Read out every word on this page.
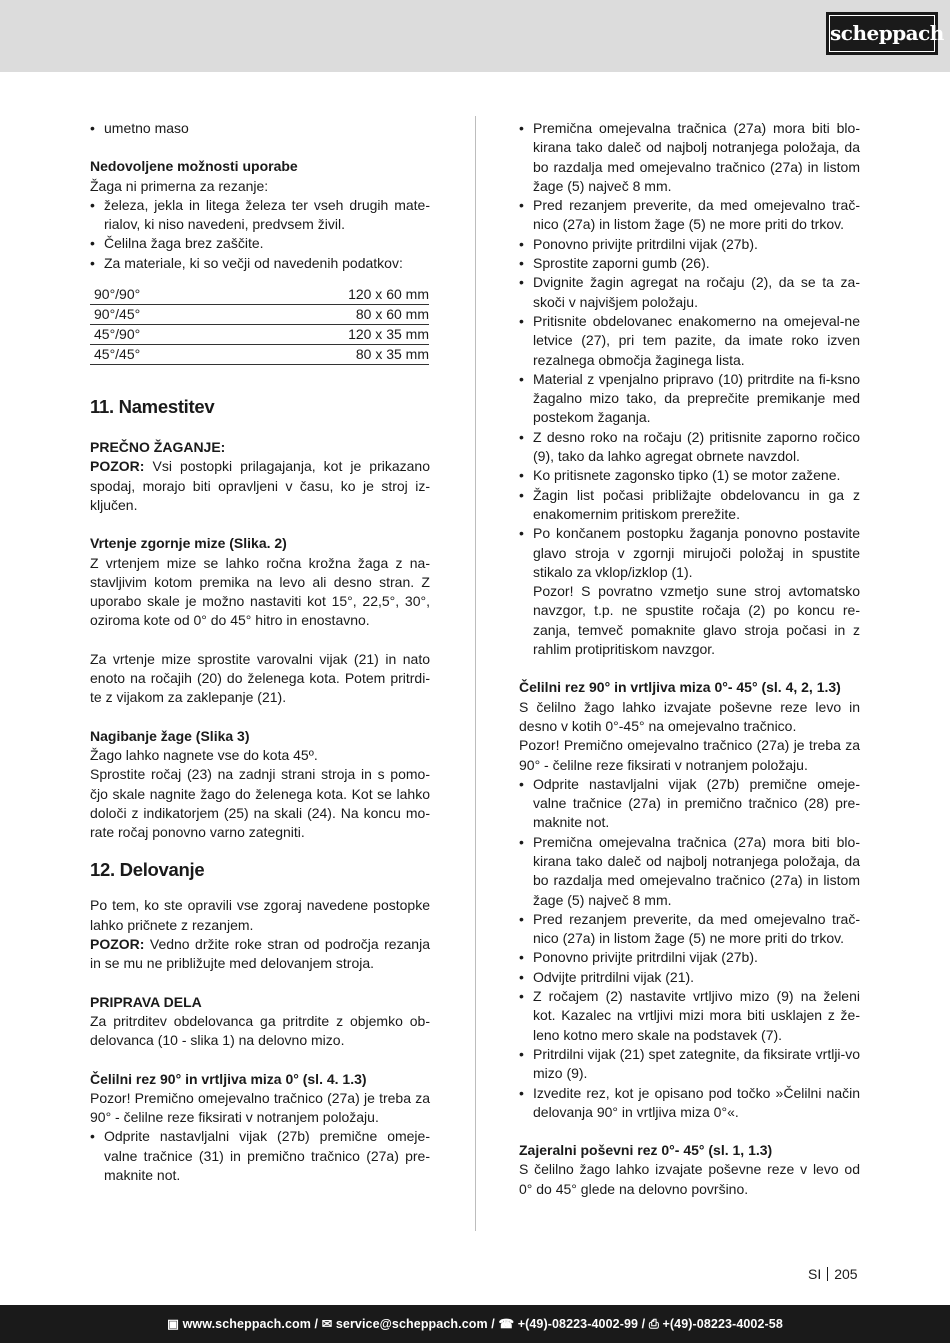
scheppach
• umetno maso

Nedovoljene možnosti uporabe

Žaga ni primerna za rezanje:

• železa, jekla in litega železa ter vseh drugih mate-rialov, ki niso navedeni, predvsem živil.
• Čelilna žaga brez zaščite.
• Za materiale, ki so večji od navedenih podatkov:
90°/90°	120 x 60 mm
90°/45°	80 x 60 mm
45°/90°	120 x 35 mm
45°/45°	80 x 35 mm
11. Namestitev

PREČNO ŽAGANJE:

POZOR: Vsi postopki prilagajanja, kot je prikazano spodaj, morajo biti opravljeni v času, ko je stroj iz-ključen.

Vrtenje zgornje mize (Slika. 2)

Z vrtenjem mize se lahko ročna krožna žaga z na-stavljivim kotom premika na levo ali desno stran. Z uporabo skale je možno nastaviti kot 15°, 22,5°, 30°, oziroma kote od 0° do 45° hitro in enostavno.

Za vrtenje mize sprostite varovalni vijak (21) in nato enoto na ročajih (20) do želenega kota. Potem pritrdi-te z vijakom za zaklepanje (21).

Nagibanje žage (Slika 3)

Žago lahko nagnete vse do kota 45º.

Sprostite ročaj (23) na zadnji strani stroja in s pomo-čjo skale nagnite žago do želenega kota. Kot se lahko določi z indikatorjem (25) na skali (24). Na koncu mo-rate ročaj ponovno varno zategniti.

12. Delovanje

Po tem, ko ste opravili vse zgoraj navedene postopke lahko pričnete z rezanjem.

POZOR: Vedno držite roke stran od področja rezanja in se mu ne približujte med delovanjem stroja.

PRIPRAVA DELA

Za pritrditev obdelovanca ga pritrdite z objemko ob-delovanca (10 - slika 1) na delovno mizo.

Čelilni rez 90° in vrtljiva miza 0° (sl. 4. 1.3)

Pozor! Premično omejevalno tračnico (27a) je treba za 90° - čelilne reze fiksirati v notranjem položaju.

• Odprite nastavljalni vijak (27b) premične omeje-valne tračnice (31) in premično tračnico (27a) pre-maknite not.
• Premična omejevalna tračnica (27a) mora biti blo-kirana tako daleč od najbolj notranjega položaja, da bo razdalja med omejevalno tračnico (27a) in listom žage (5) največ 8 mm.
• Pred rezanjem preverite, da med omejevalno trač-nico (27a) in listom žage (5) ne more priti do trkov.
• Ponovno privijte pritrdilni vijak (27b).
• Sprostite zaporni gumb (26).
• Dvignite žagin agregat na ročaju (2), da se ta za-skoči v najvišjem položaju.
• Pritisnite obdelovanec enakomerno na omejeval-ne letvice (27), pri tem pazite, da imate roko izven rezalnega območja žaginega lista.
• Material z vpenjalno pripravo (10) pritrdite na fi-ksno žagalno mizo tako, da preprečite premikanje med postekom žaganja.
• Z desno roko na ročaju (2) pritisnite zaporno ročico (9), tako da lahko agregat obrnete navzdol.
• Ko pritisnete zagonsko tipko (1) se motor zažene.
• Žagin list počasi približajte obdelovancu in ga z enakomernim pritiskom prerežite.
• Po končanem postopku žaganja ponovno postavite glavo stroja v zgornji mirujoči položaj in spustite stikalo za vklop/izklop (1).
Pozor! S povratno vzmetjo sune stroj avtomatsko navzgor, t.p. ne spustite ročaja (2) po koncu re-zanja, temveč pomaknite glavo stroja počasi in z rahlim protipritiskom navzgor.

Čelilni rez 90° in vrtljiva miza 0°- 45° (sl. 4, 2, 1.3)

S čelilno žago lahko izvajate poševne reze levo in desno v kotih 0°-45° na omejevalno tračnico.

Pozor! Premično omejevalno tračnico (27a) je treba za 90° - čelilne reze fiksirati v notranjem položaju.

• Odprite nastavljalni vijak (27b) premične omeje-valne tračnice (27a) in premično tračnico (28) pre-maknite not.
• Premična omejevalna tračnica (27a) mora biti blo-kirana tako daleč od najbolj notranjega položaja, da bo razdalja med omejevalno tračnico (27a) in listom žage (5) največ 8 mm.
• Pred rezanjem preverite, da med omejevalno trač-nico (27a) in listom žage (5) ne more priti do trkov.
• Ponovno privijte pritrdilni vijak (27b).
• Odvijte pritrdilni vijak (21).
• Z ročajem (2) nastavite vrtljivo mizo (9) na želeni kot. Kazalec na vrtljivi mizi mora biti usklajen z že-leno kotno mero skale na podstavek (7).
• Pritrdilni vijak (21) spet zategnite, da fiksirate vrtlji-vo mizo (9).
• Izvedite rez, kot je opisano pod točko »Čelilni način delovanja 90° in vrtljiva miza 0°«.

Zajeralni poševni rez 0°- 45° (sl. 1, 1.3)

S čelilno žago lahko izvajate poševne reze v levo od 0° do 45° glede na delovno površino.

SI 205
▣ www.scheppach.com / ✉ service@scheppach.com / ☎ +(49)-08223-4002-99 / ⎙ +(49)-08223-4002-58
